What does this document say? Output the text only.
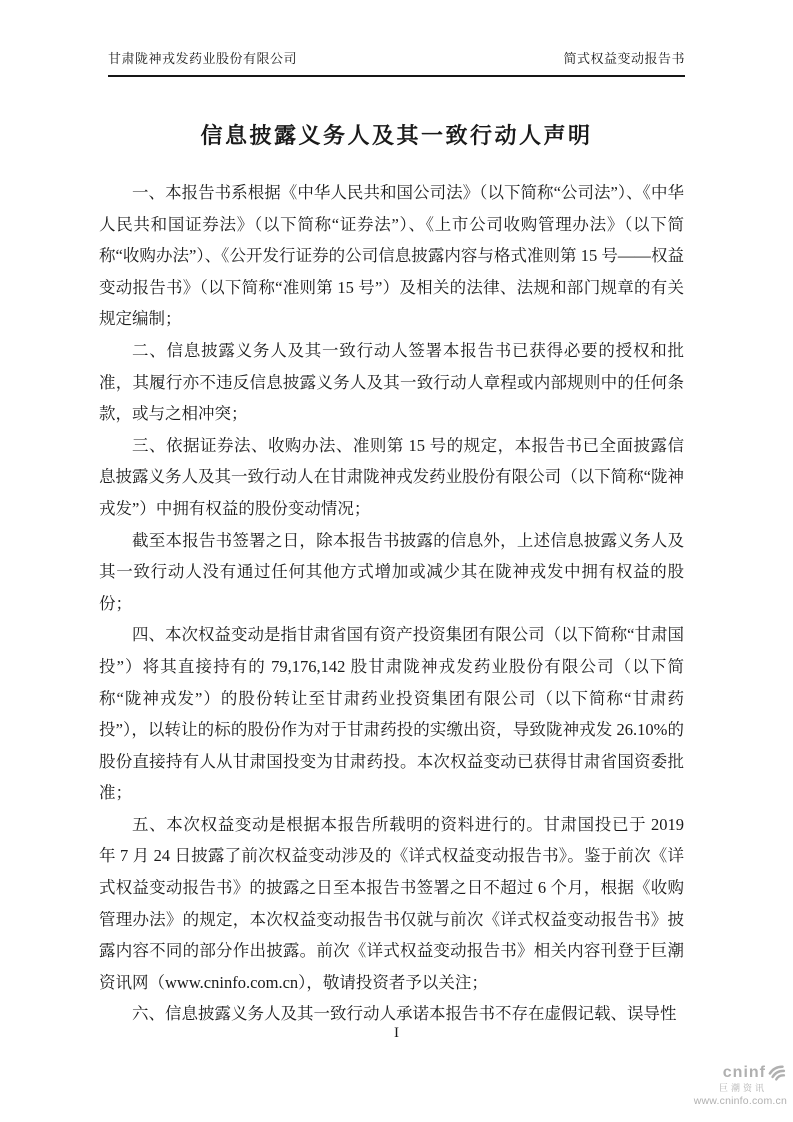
甘肃陇神戎发药业股份有限公司	简式权益变动报告书
信息披露义务人及其一致行动人声明

一、本报告书系根据《中华人民共和国公司法》（以下简称“公司法”）、《中华人民共和国证券法》（以下简称“证券法”）、《上市公司收购管理办法》（以下简称“收购办法”）、《公开发行证券的公司信息披露内容与格式准则第 15 号——权益变动报告书》（以下简称“准则第 15 号”）及相关的法律、法规和部门规章的有关规定编制；

二、信息披露义务人及其一致行动人签署本报告书已获得必要的授权和批准，其履行亦不违反信息披露义务人及其一致行动人章程或内部规则中的任何条款，或与之相冲突；

三、依据证券法、收购办法、准则第 15 号的规定，本报告书已全面披露信息披露义务人及其一致行动人在甘肃陇神戎发药业股份有限公司（以下简称“陇神戎发”）中拥有权益的股份变动情况；

截至本报告书签署之日，除本报告书披露的信息外，上述信息披露义务人及其一致行动人没有通过任何其他方式增加或减少其在陇神戎发中拥有权益的股份；

四、本次权益变动是指甘肃省国有资产投资集团有限公司（以下简称“甘肃国投”）将其直接持有的 79,176,142 股甘肃陇神戎发药业股份有限公司（以下简称“陇神戎发”）的股份转让至甘肃药业投资集团有限公司（以下简称“甘肃药投”），以转让的标的股份作为对于甘肃药投的实缴出资，导致陇神戎发 26.10%的股份直接持有人从甘肃国投变为甘肃药投。本次权益变动已获得甘肃省国资委批准；

五、本次权益变动是根据本报告所载明的资料进行的。甘肃国投已于 2019 年 7 月 24 日披露了前次权益变动涉及的《详式权益变动报告书》。鉴于前次《详式权益变动报告书》的披露之日至本报告书签署之日不超过 6 个月，根据《收购管理办法》的规定，本次权益变动报告书仅就与前次《详式权益变动报告书》披露内容不同的部分作出披露。前次《详式权益变动报告书》相关内容刊登于巨潮资讯网（www.cninfo.com.cn），敬请投资者予以关注；

六、信息披露义务人及其一致行动人承诺本报告书不存在虚假记载、误导性

I
cninf
巨潮资讯
www.cninfo.com.cn
